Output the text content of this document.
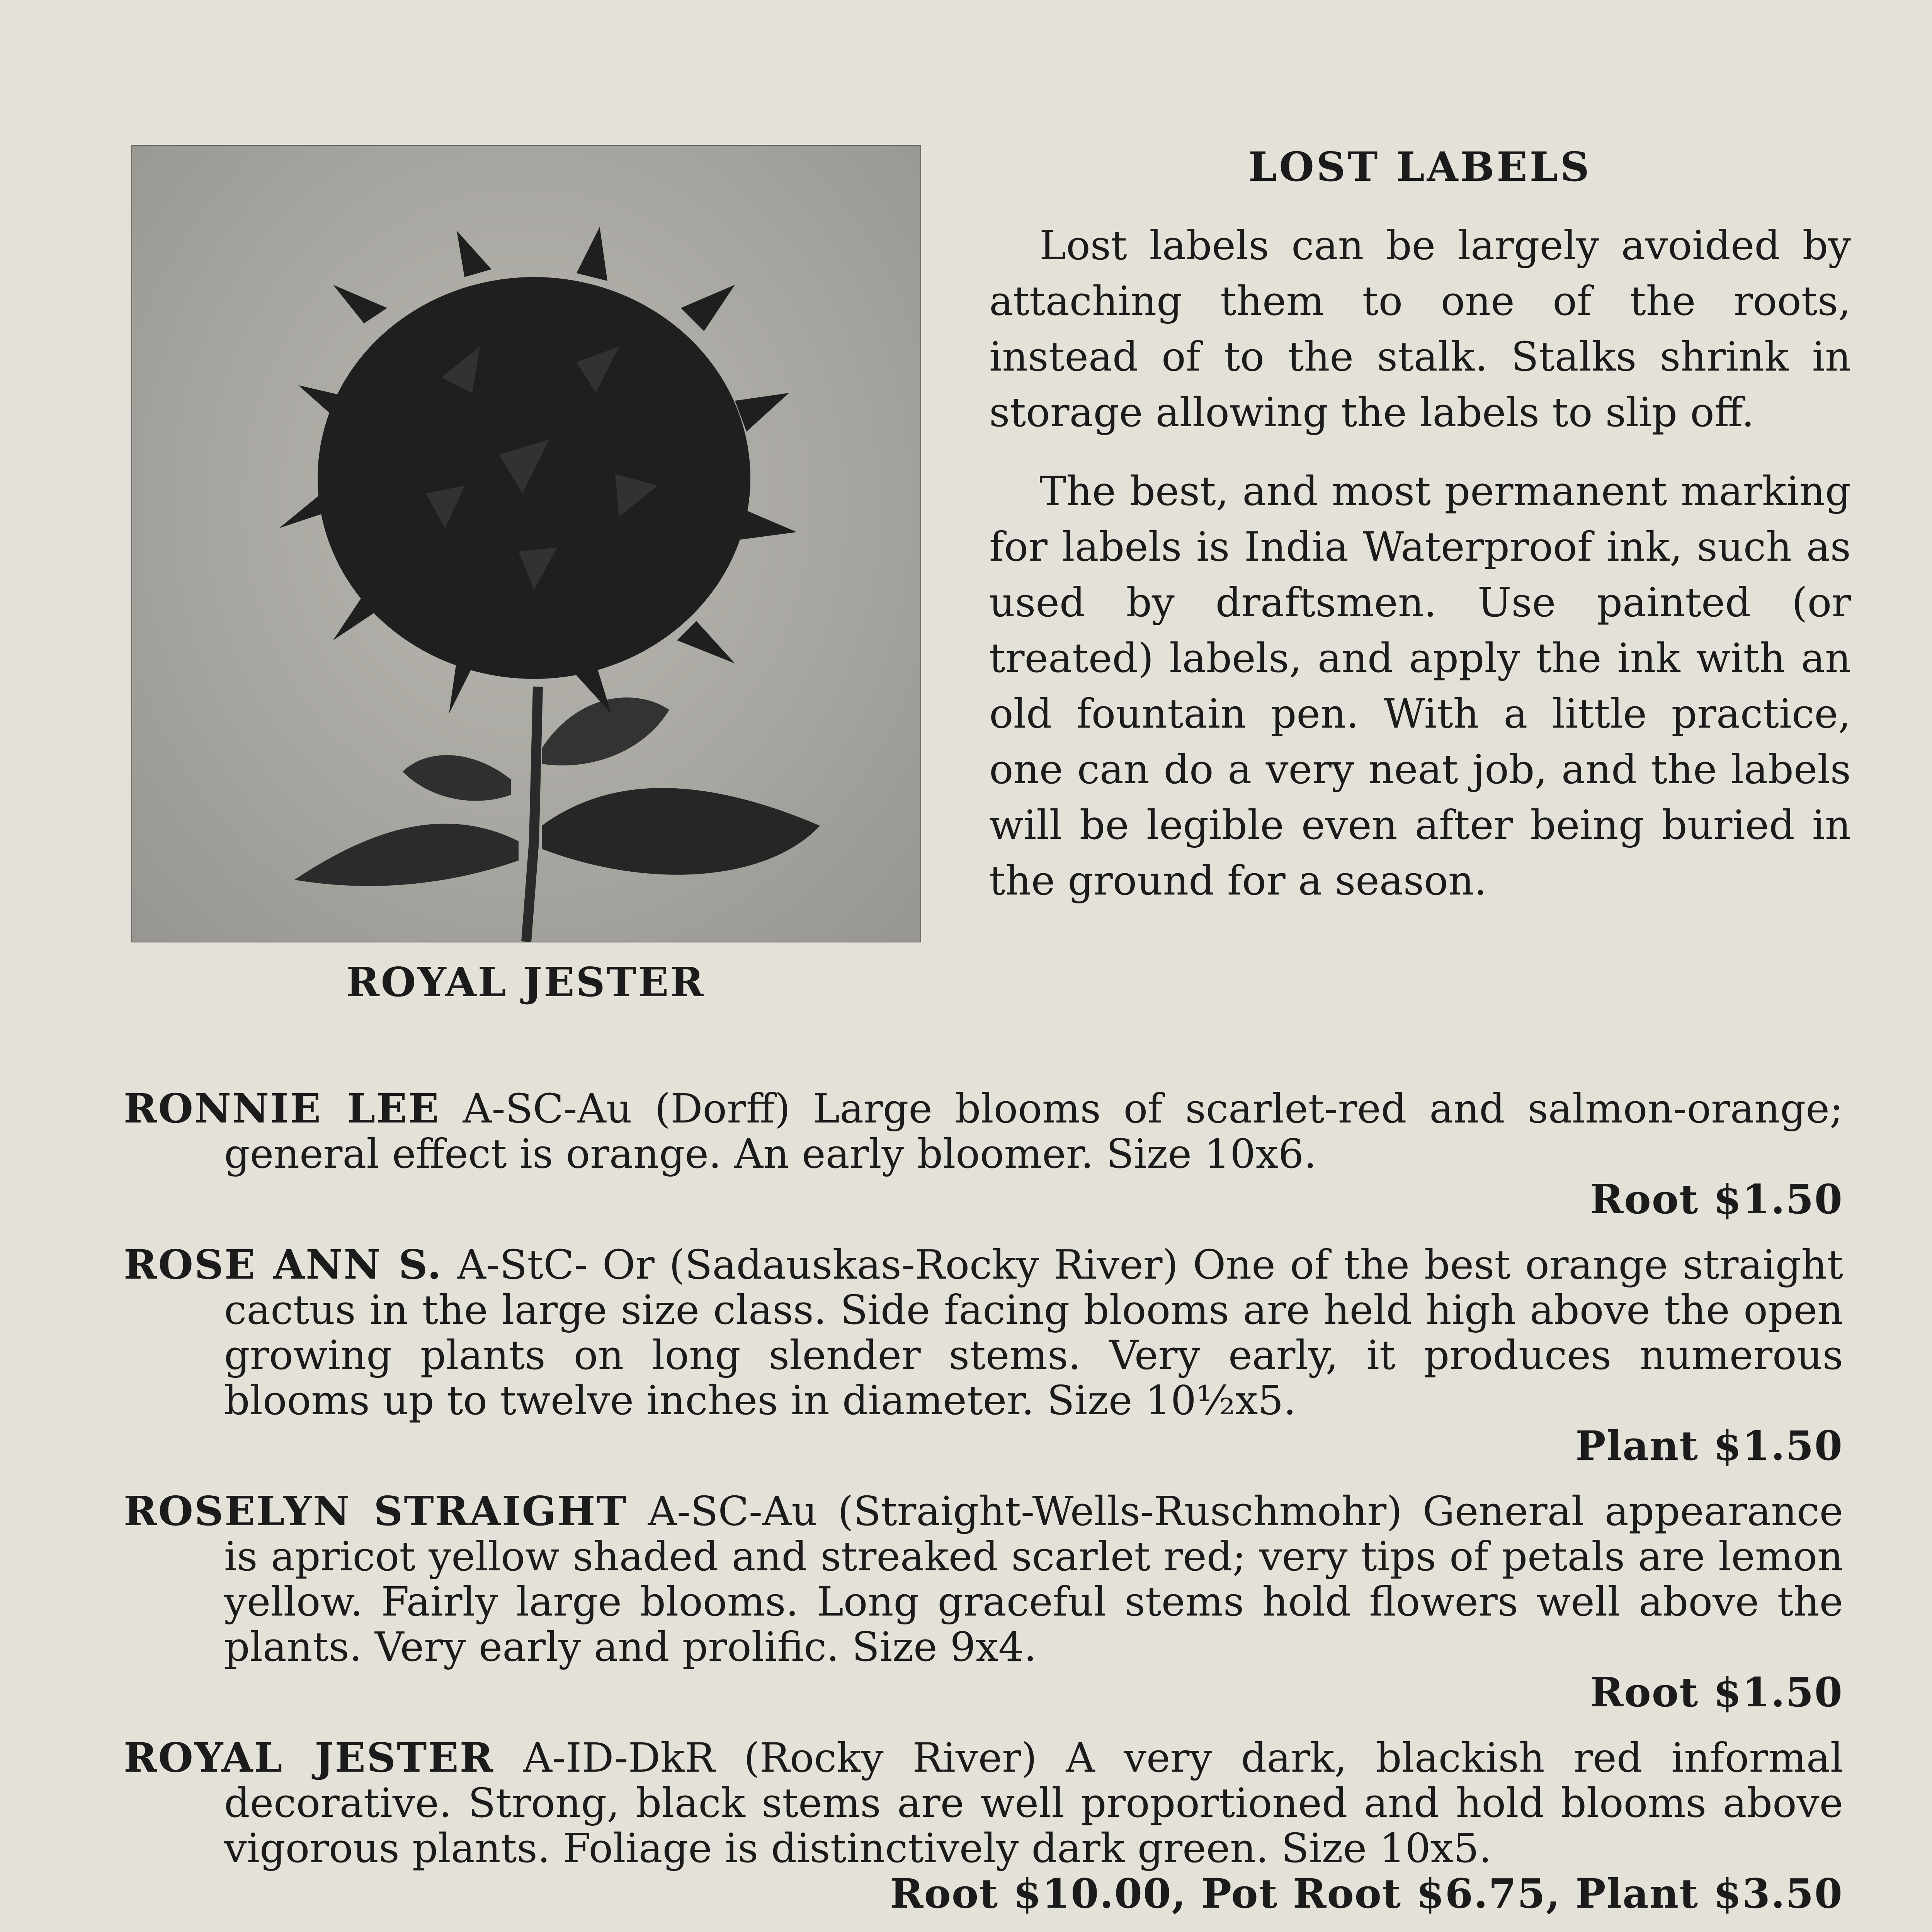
ROYAL JESTER
LOST LABELS

Lost labels can be largely avoided by attaching them to one of the roots, instead of to the stalk. Stalks shrink in storage allowing the labels to slip off.

The best, and most permanent marking for labels is India Waterproof ink, such as used by draftsmen. Use painted (or treated) labels, and apply the ink with an old fountain pen. With a little practice, one can do a very neat job, and the labels will be legible even after being buried in the ground for a season.

RONNIE LEE A-SC-Au (Dorff) Large blooms of scarlet-red and salmon-orange; general effect is orange. An early bloomer. Size 10x6.
Root $1.50
ROSE ANN S. A-StC- Or (Sadauskas-Rocky River) One of the best orange straight cactus in the large size class. Side facing blooms are held high above the open growing plants on long slender stems. Very early, it produces numerous blooms up to twelve inches in diameter. Size 10½x5.
Plant $1.50
ROSELYN STRAIGHT A-SC-Au (Straight-Wells-Ruschmohr) General appearance is apricot yellow shaded and streaked scarlet red; very tips of petals are lemon yellow. Fairly large blooms. Long graceful stems hold flowers well above the plants. Very early and prolific. Size 9x4.
Root $1.50
ROYAL JESTER A-ID-DkR (Rocky River) A very dark, blackish red informal decorative. Strong, black stems are well proportioned and hold blooms above vigorous plants. Foliage is distinctively dark green. Size 10x5.
Root $10.00, Pot Root $6.75, Plant $3.50
